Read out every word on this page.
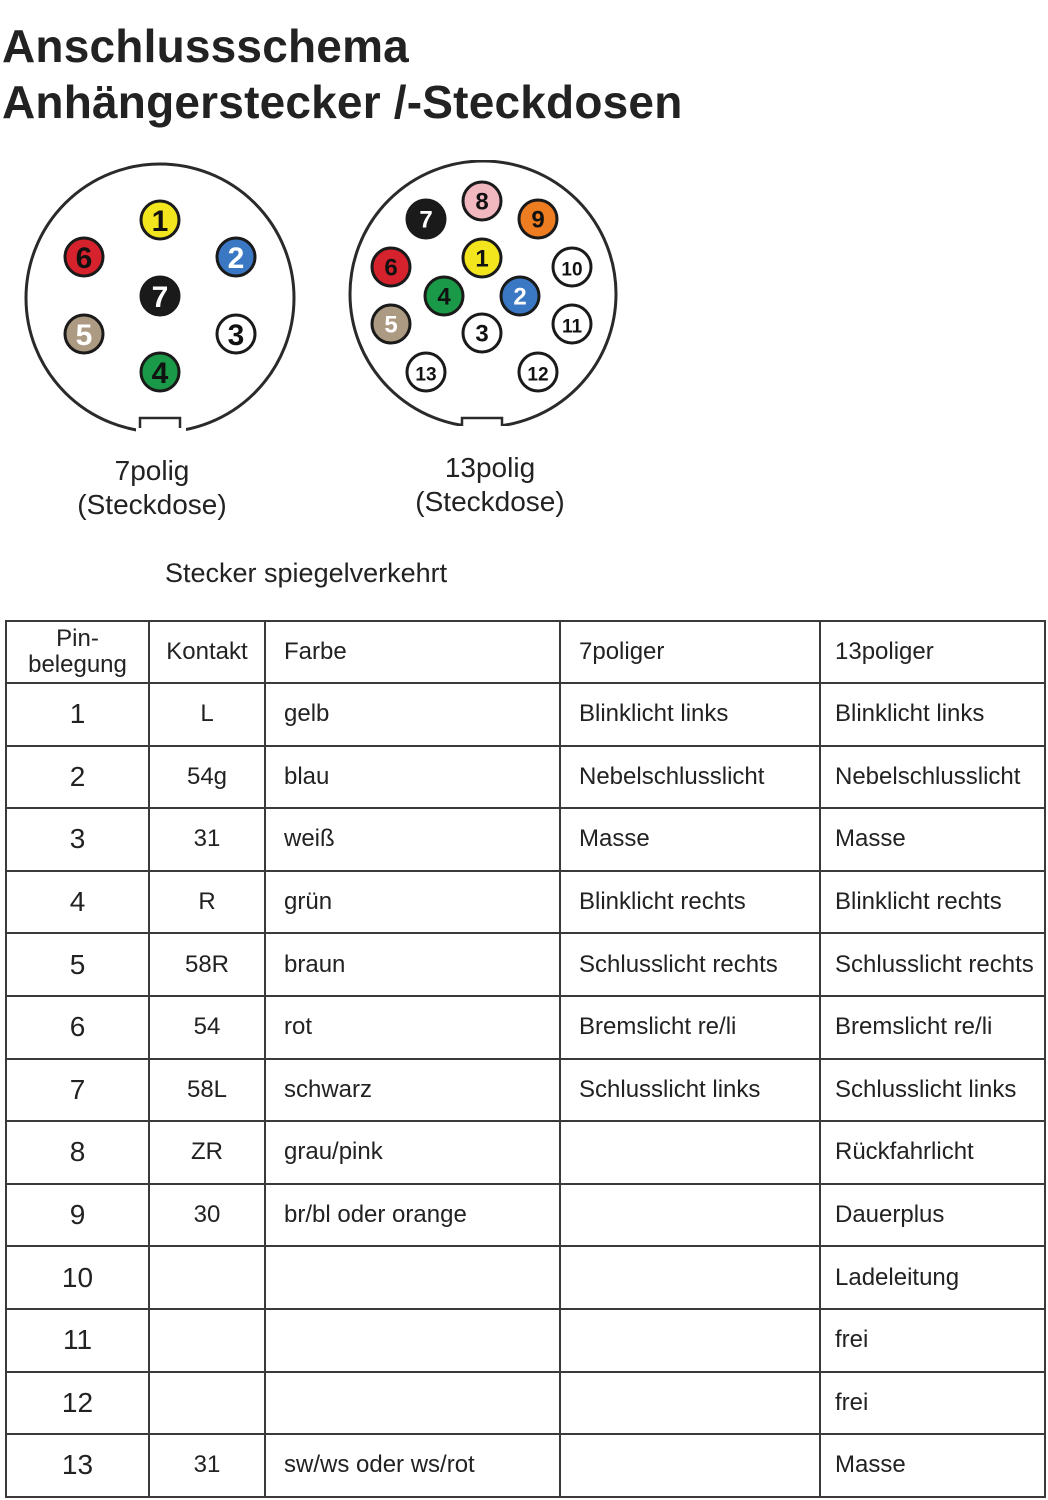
Anschlussschema
Anhängerstecker /-Steckdosen
1
2
3
4
5
6
7
7polig
(Steckdose)
1
2
3
4
5
6
7
8
9
10
11
12
13
13polig
(Steckdose)
Stecker spiegelverkehrt
Pin-
belegung	Kontakt	Farbe	7poliger	13poliger
1	L	gelb	Blinklicht links	Blinklicht links
2	54g	blau	Nebelschlusslicht	Nebelschlusslicht
3	31	weiß	Masse	Masse
4	R	grün	Blinklicht rechts	Blinklicht rechts
5	58R	braun	Schlusslicht rechts	Schlusslicht rechts
6	54	rot	Bremslicht re/li	Bremslicht re/li
7	58L	schwarz	Schlusslicht links	Schlusslicht links
8	ZR	grau/pink		Rückfahrlicht
9	30	br/bl oder orange		Dauerplus
10				Ladeleitung
11				frei
12				frei
13	31	sw/ws oder ws/rot		Masse
